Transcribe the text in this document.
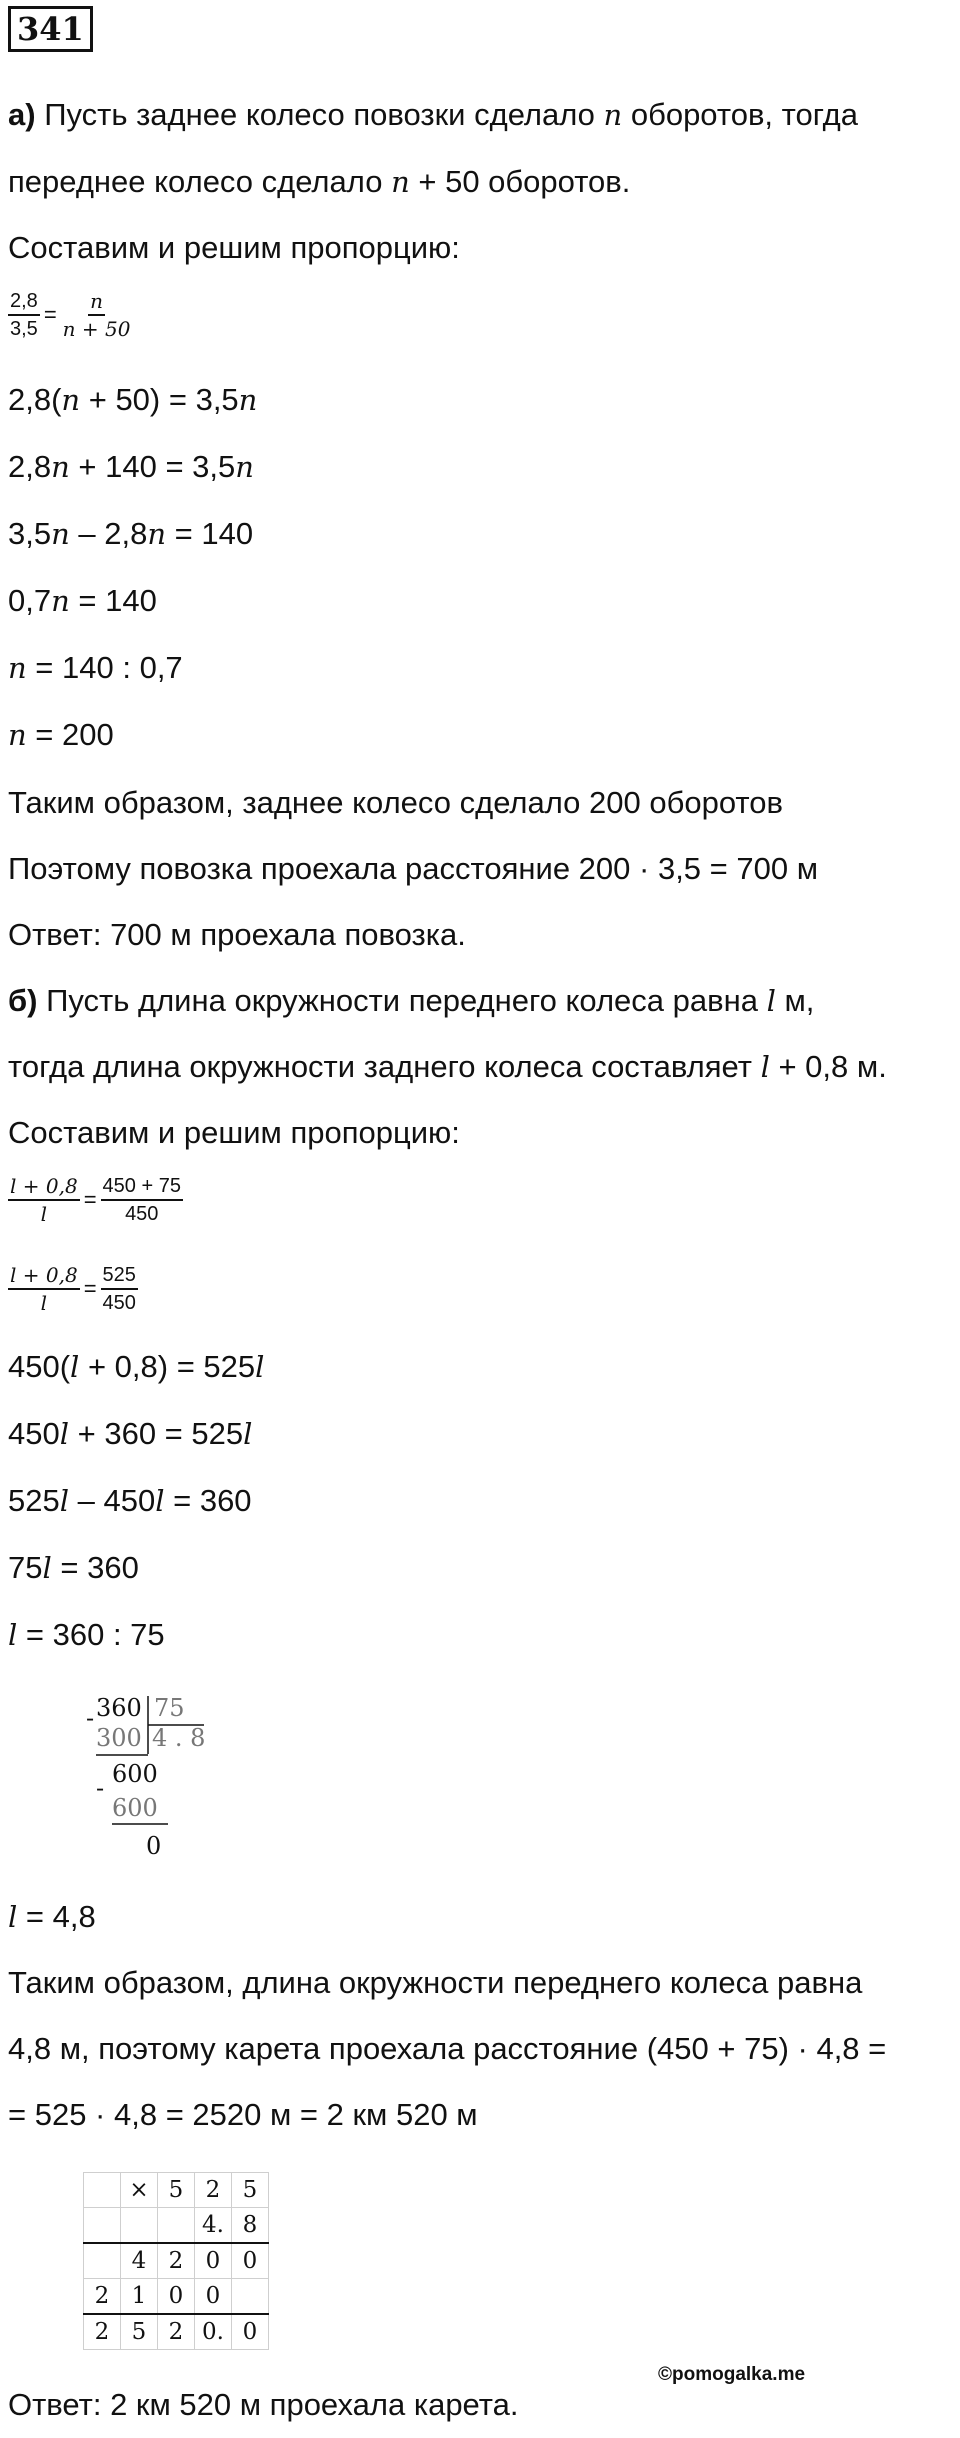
341
а) Пусть заднее колесо повозки сделало n оборотов, тогда
переднее колесо сделало n + 50 оборотов.
Составим и решим пропорцию:
$\frac{2,8}{3,5} = \frac{n}{n + 50}$
2,8(n + 50) = 3,5n
2,8n + 140 = 3,5n
3,5n – 2,8n = 140
0,7n = 140
n = 140 : 0,7
n = 200
Таким образом, заднее колесо сделало 200 оборотов
Поэтому повозка проехала расстояние 200 · 3,5 = 700 м
Ответ: 700 м проехала повозка.
б) Пусть длина окружности переднего колеса равна l м,
тогда длина окружности заднего колеса составляет l + 0,8 м.
Составим и решим пропорцию:
$\frac{l + 0,8}{l} = \frac{450 + 75}{450}$
$\frac{l + 0,8}{l} = \frac{525}{450}$
450(l + 0,8) = 525l
450l + 360 = 525l
525l – 450l = 360
75l = 360
l = 360 : 75
- 360 75
300 4 . 8
- 600
600
0
l = 4,8
Таким образом, длина окружности переднего колеса равна
4,8 м, поэтому карета проехала расстояние (450 + 75) · 4,8 =
= 525 · 4,8 = 2520 м = 2 км 520 м
	×	5	2	5
			4.	8
	4	2	0	0
2	1	0	0	
2	5	2	0.	0
©pomogalka.me
Ответ: 2 км 520 м проехала карета.
